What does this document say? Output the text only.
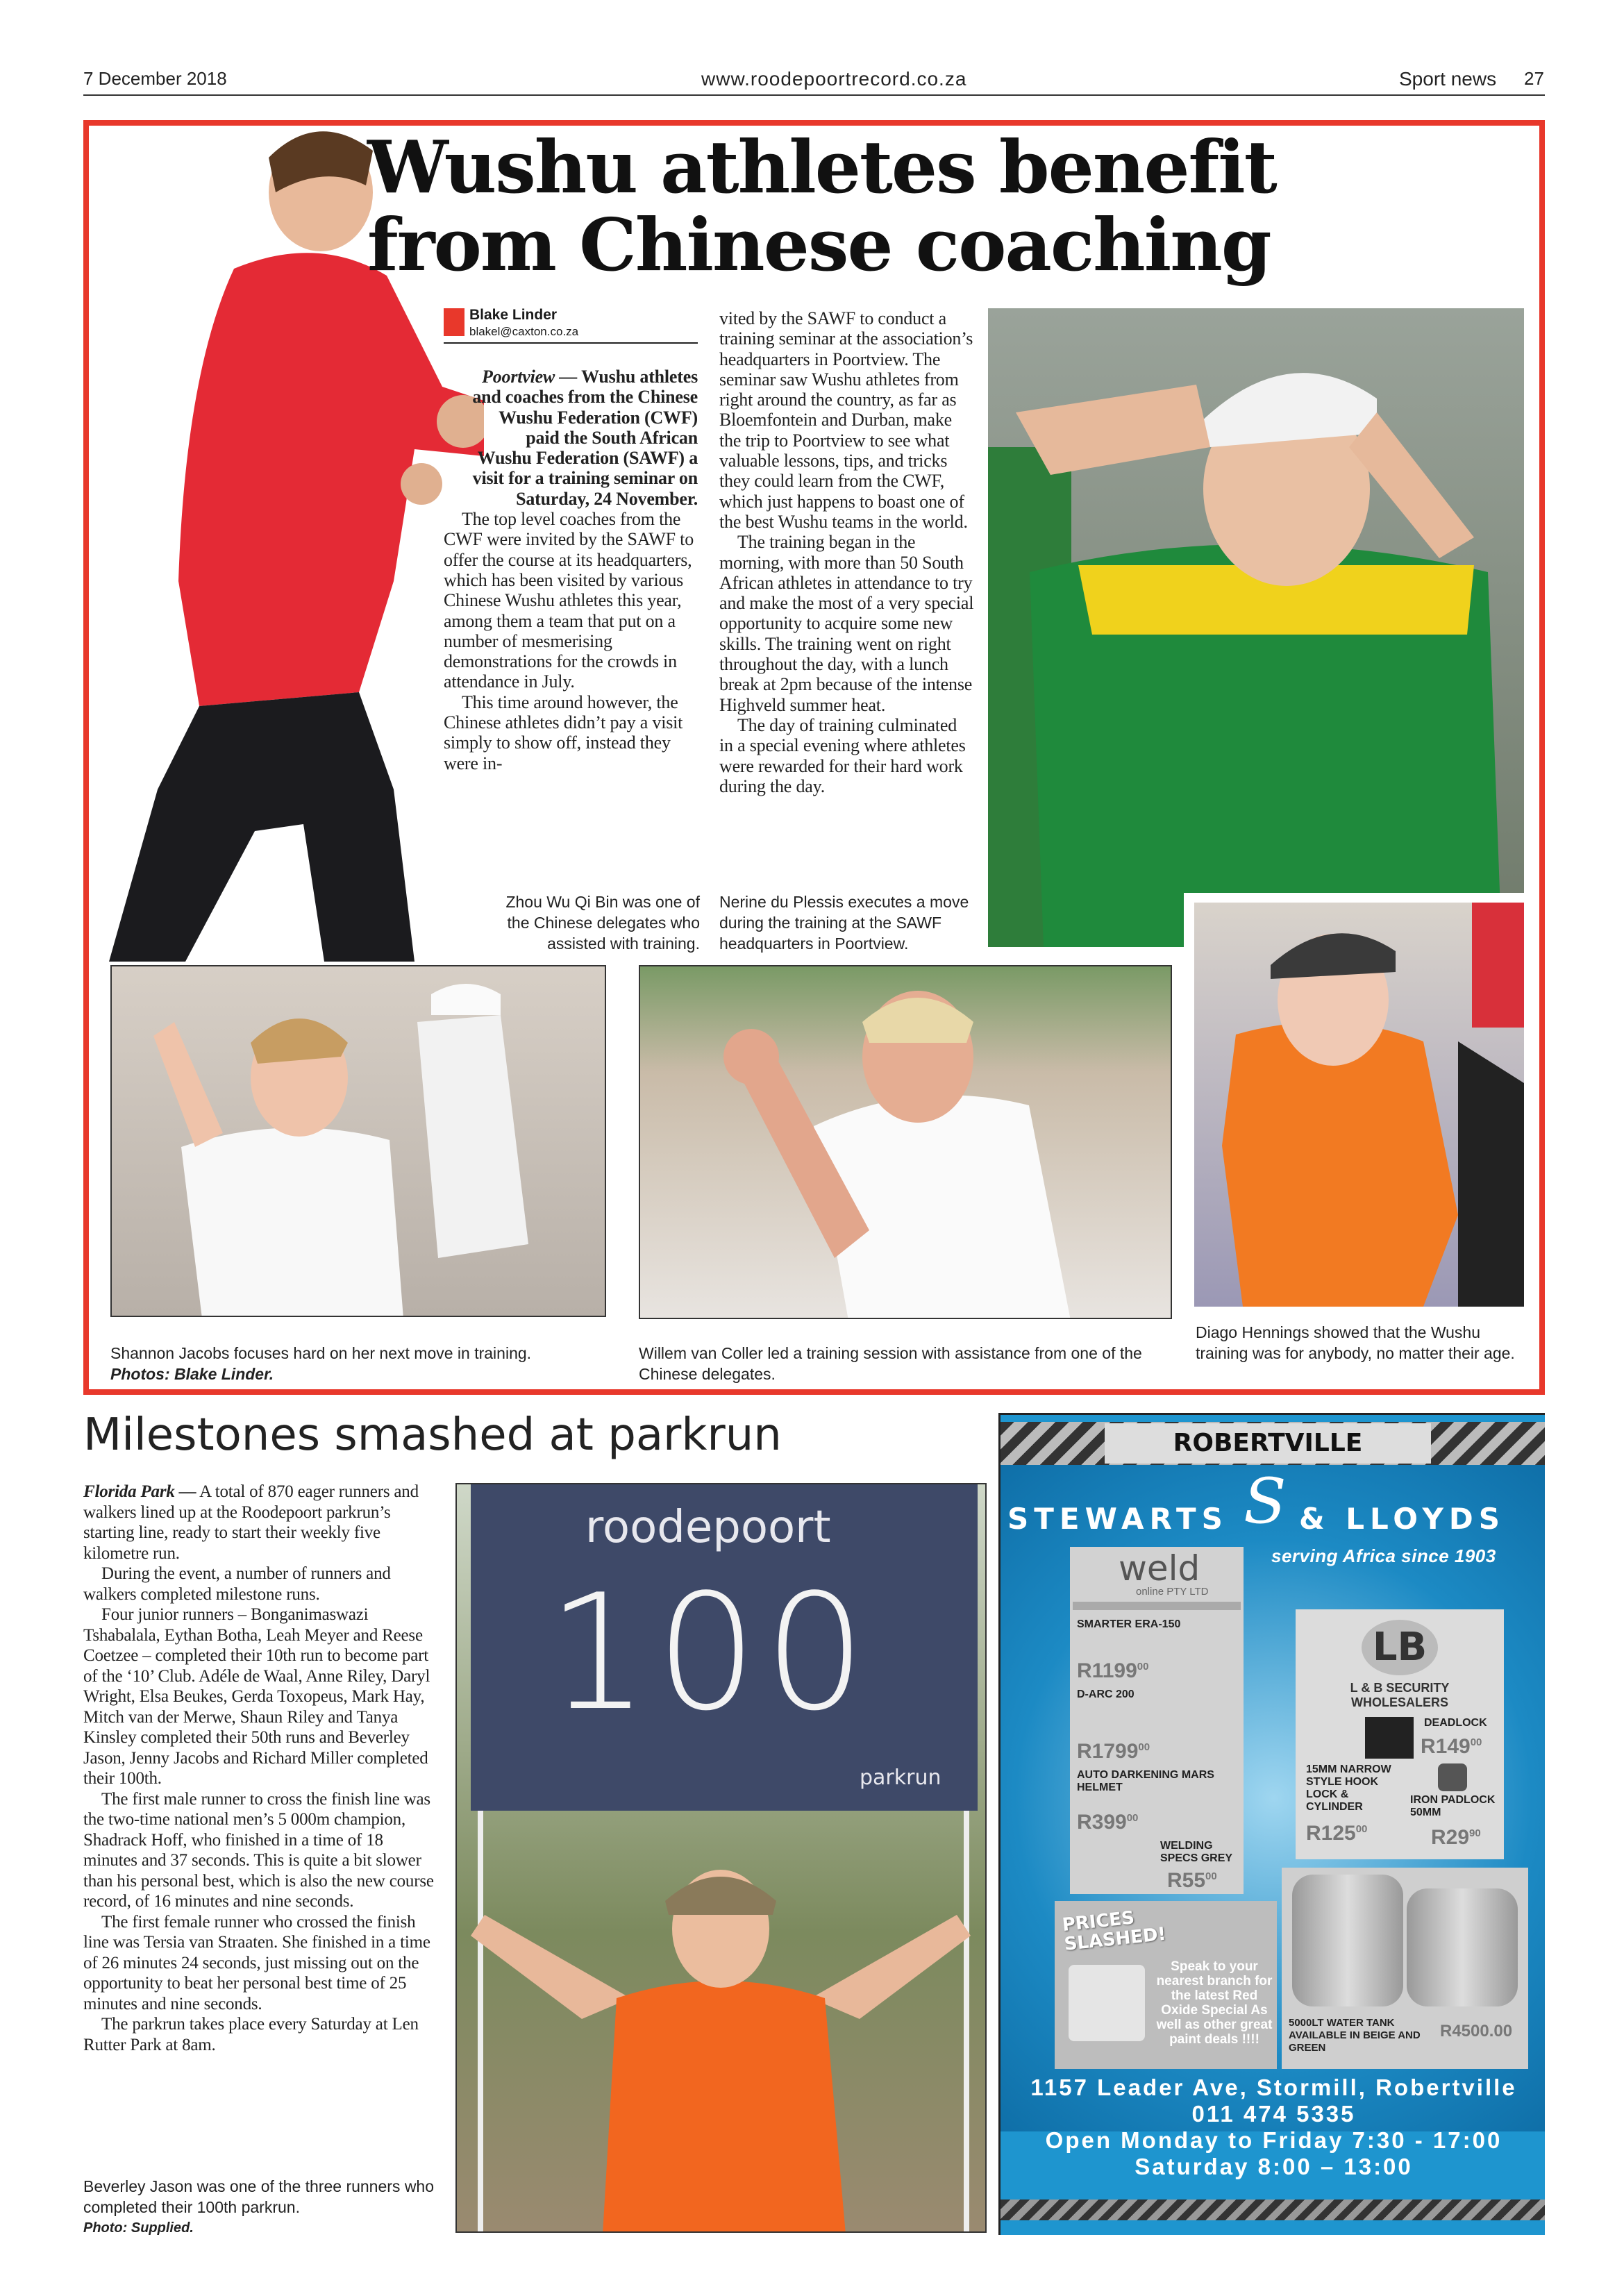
7 December 2018	www.roodepoortrecord.co.za	Sport news 27
Wushu athletes benefit
from Chinese coaching
Blake Linder
blakel@caxton.co.za
Poortview — Wushu athletes and coaches from the Chinese Wushu Federation (CWF) paid the South African Wushu Federation (SAWF) a visit for a training seminar on Saturday, 24 November.

The top level coaches from the CWF were invited by the SAWF to offer the course at its headquarters, which has been visited by various Chinese Wushu athletes this year, among them a team that put on a number of mesmerising demonstrations for the crowds in attendance in July.

This time around however, the Chinese athletes didn’t pay a visit simply to show off, instead they were in-

vited by the SAWF to conduct a training seminar at the association’s headquarters in Poortview. The seminar saw Wushu athletes from right around the country, as far as Bloemfontein and Durban, make the trip to Poortview to see what valuable lessons, tips, and tricks they could learn from the CWF, which just happens to boast one of the best Wushu teams in the world.

The training began in the morning, with more than 50 South African athletes in attendance to try and make the most of a very special opportunity to acquire some new skills. The training went on right throughout the day, with a lunch break at 2pm because of the intense Highveld summer heat.

The day of training culminated in a special evening where athletes were rewarded for their hard work during the day.

Zhou Wu Qi Bin was one of the Chinese delegates who assisted with training.
Nerine du Plessis executes a move during the training at the SAWF headquarters in Poortview.
Shannon Jacobs focuses hard on her next move in training.
Photos: Blake Linder.
Willem van Coller led a training session with assistance from one of the Chinese delegates.
Diago Hennings showed that the Wushu training was for anybody, no matter their age.
Milestones smashed at parkrun

Florida Park — A total of 870 eager runners and walkers lined up at the Roodepoort parkrun’s starting line, ready to start their weekly five kilometre run.

During the event, a number of runners and walkers completed milestone runs.

Four junior runners – Bonganimaswazi Tshabalala, Eythan Botha, Leah Meyer and Reese Coetzee – completed their 10th run to become part of the ‘10’ Club. Adéle de Waal, Anne Riley, Daryl Wright, Elsa Beukes, Gerda Toxopeus, Mark Hay, Mitch van der Merwe, Shaun Riley and Tanya Kinsley completed their 50th runs and Beverley Jason, Jenny Jacobs and Richard Miller completed their 100th.

The first male runner to cross the finish line was the two-time national men’s 5 000m champion, Shadrack Hoff, who finished in a time of 18 minutes and 37 seconds. This is quite a bit slower than his personal best, which is also the new course record, of 16 minutes and nine seconds.

The first female runner who crossed the finish line was Tersia van Straaten. She finished in a time of 26 minutes 24 seconds, just missing out on the opportunity to beat her personal best time of 25 minutes and nine seconds.

The parkrun takes place every Saturday at Len Rutter Park at 8am.

Beverley Jason was one of the three runners who completed their 100th parkrun.
Photo: Supplied.
roodepoort
100
parkrun
ROBERTVILLE
STEWARTS S & LLOYDS
serving Africa since 1903
weld
online PTY LTD
SMARTER ERA-150
R1199$^{00}$
D-ARC 200
R1799$^{00}$
AUTO DARKENING MARS HELMET
$R399^{00}$
WELDING SPECS GREY
$R55^{00}$
LB
L & B SECURITY WHOLESALERS
DEADLOCK
$R149^{00}$
15MM NARROW STYLE HOOK LOCK & CYLINDER
$R125^{00}$
IRON PADLOCK 50MM
$R29^{90}$
PRICES SLASHED!
Speak to your nearest branch for the latest Red Oxide Special As well as other great paint deals !!!!
5000LT WATER TANK AVAILABLE IN BEIGE AND GREEN
R4500.00
1157 Leader Ave, Stormill, Robertville
011 474 5335
Open Monday to Friday 7:30 - 17:00
Saturday 8:00 – 13:00
